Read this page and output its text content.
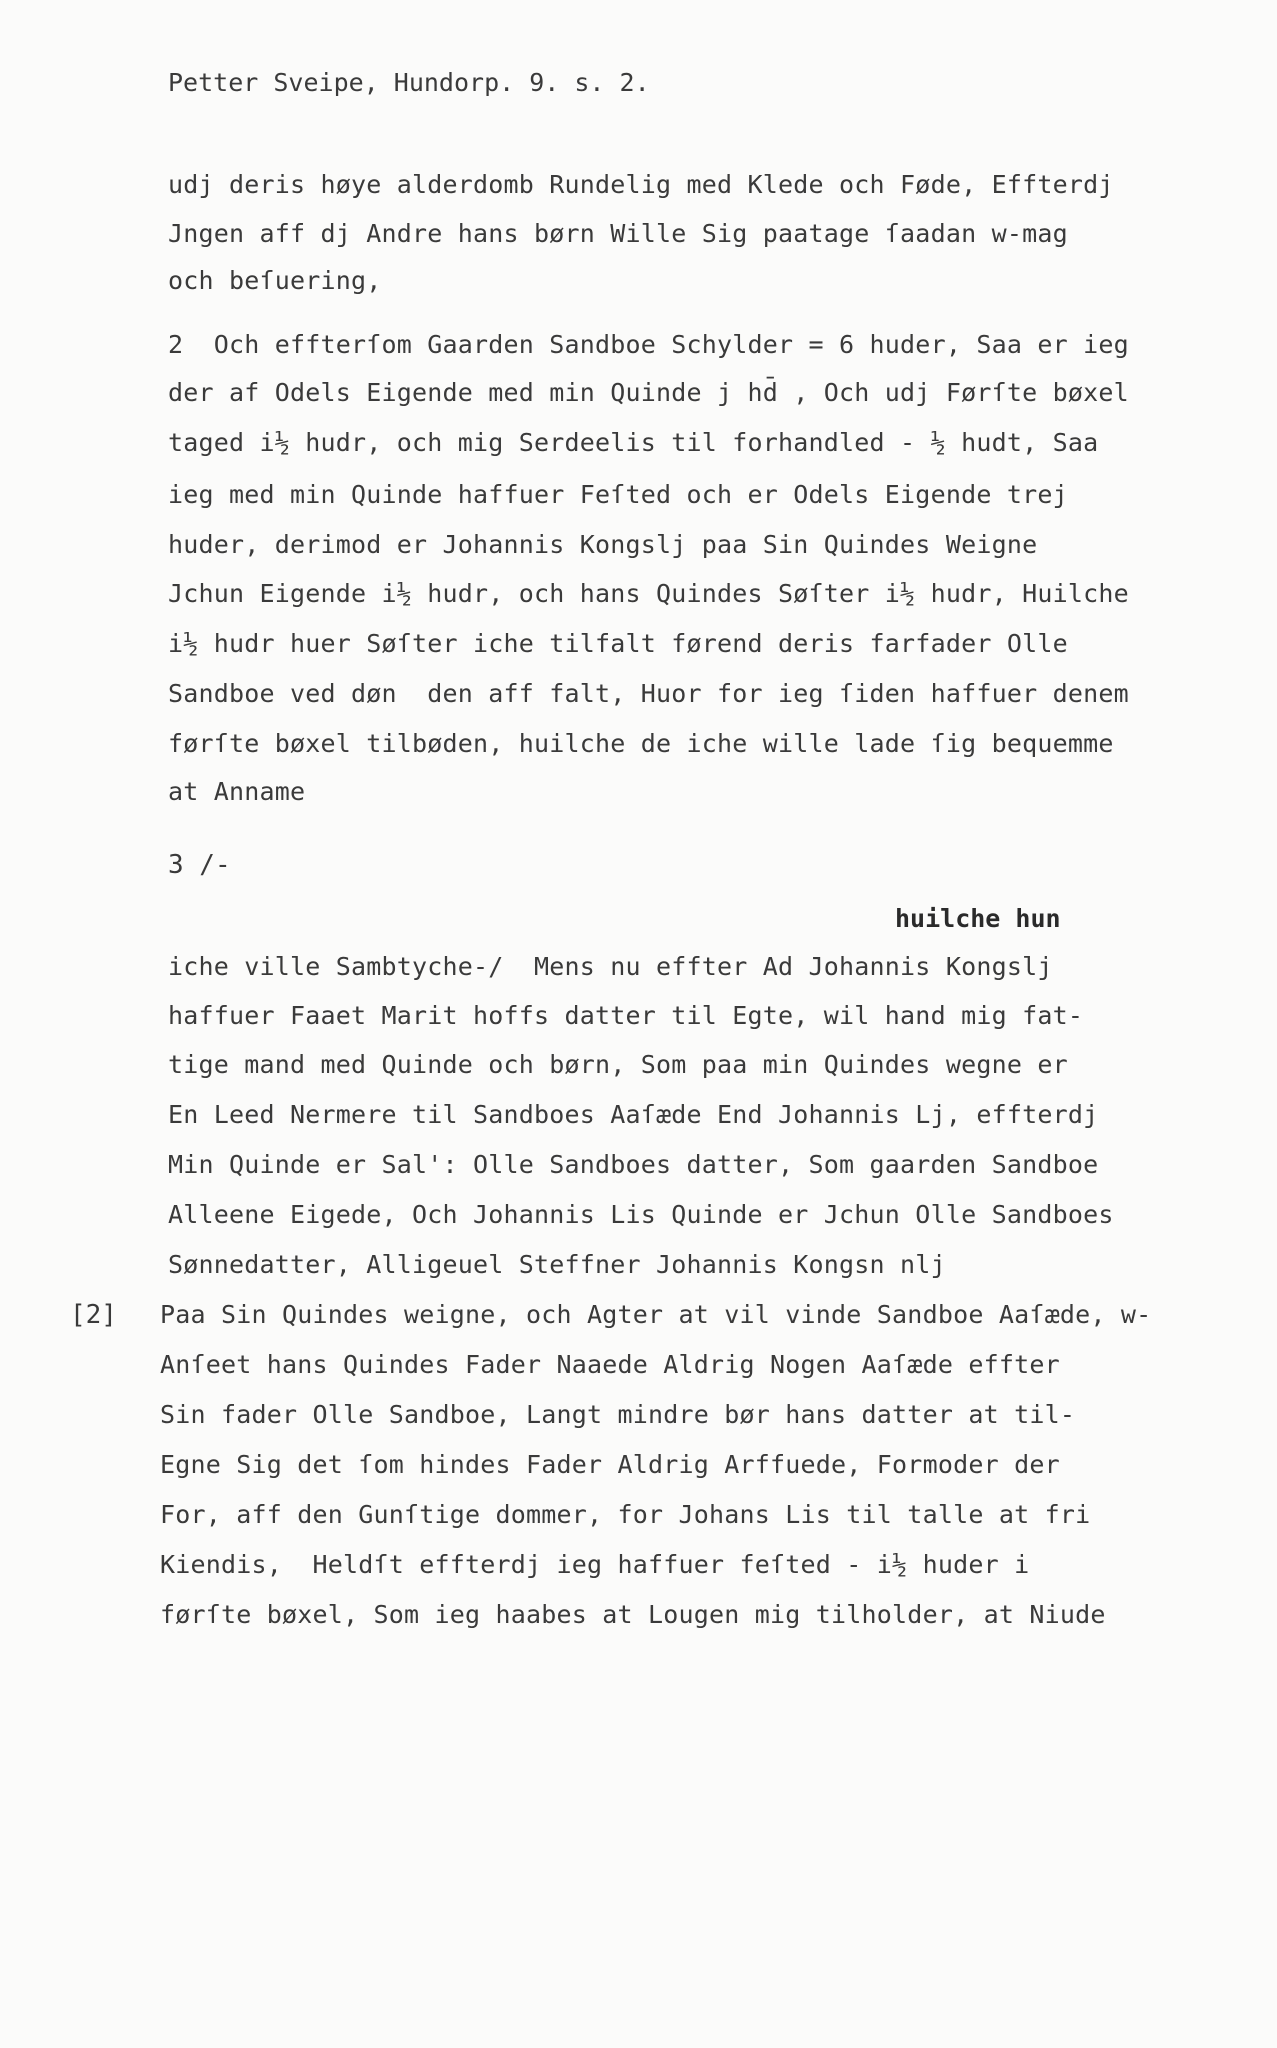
Petter Sveipe, Hundorp. 9. s. 2.
udj deris høye alderdomb Rundelig med Klede och Føde, Effterdj
Jngen aff dj Andre hans børn Wille Sig paatage ſaadan w-mag
och beſuering,
2  Och effterſom Gaarden Sandboe Schylder = 6 huder, Saa er ieg
der af Odels Eigende med min Quinde j hd̄ , Och udj Førſte bøxel
taged i½ hudr, och mig Serdeelis til forhandled - ½ hudt, Saa
ieg med min Quinde haffuer Feſted och er Odels Eigende trej
huder, derimod er Johannis Kongslj paa Sin Quindes Weigne
Jchun Eigende i½ hudr, och hans Quindes Søſter i½ hudr, Huilche
i½ hudr huer Søſter iche tilfalt førend deris farfader Olle
Sandboe ved døn  den aff falt, Huor for ieg ſiden haffuer denem
førſte bøxel tilbøden, huilche de iche wille lade ſig bequemme
at Anname
3 /-
huilche hun
iche ville Sambtyche-/  Mens nu effter Ad Johannis Kongslj
haffuer Faaet Marit hoffs datter til Egte, wil hand mig fat-
tige mand med Quinde och børn, Som paa min Quindes wegne er
En Leed Nermere til Sandboes Aaſæde End Johannis Lj, effterdj
Min Quinde er Sal': Olle Sandboes datter, Som gaarden Sandboe
Alleene Eigede, Och Johannis Lis Quinde er Jchun Olle Sandboes
Sønnedatter, Alligeuel Steffner Johannis Kongsn nlj
[2] Paa Sin Quindes weigne, och Agter at vil vinde Sandboe Aaſæde, w-
Anſeet hans Quindes Fader Naaede Aldrig Nogen Aaſæde effter
Sin fader Olle Sandboe, Langt mindre bør hans datter at til-
Egne Sig det ſom hindes Fader Aldrig Arffuede, Formoder der
For, aff den Gunſtige dommer, for Johans Lis til talle at fri
Kiendis,  Heldſt effterdj ieg haffuer feſted - i½ huder i
førſte bøxel, Som ieg haabes at Lougen mig tilholder, at Niude
